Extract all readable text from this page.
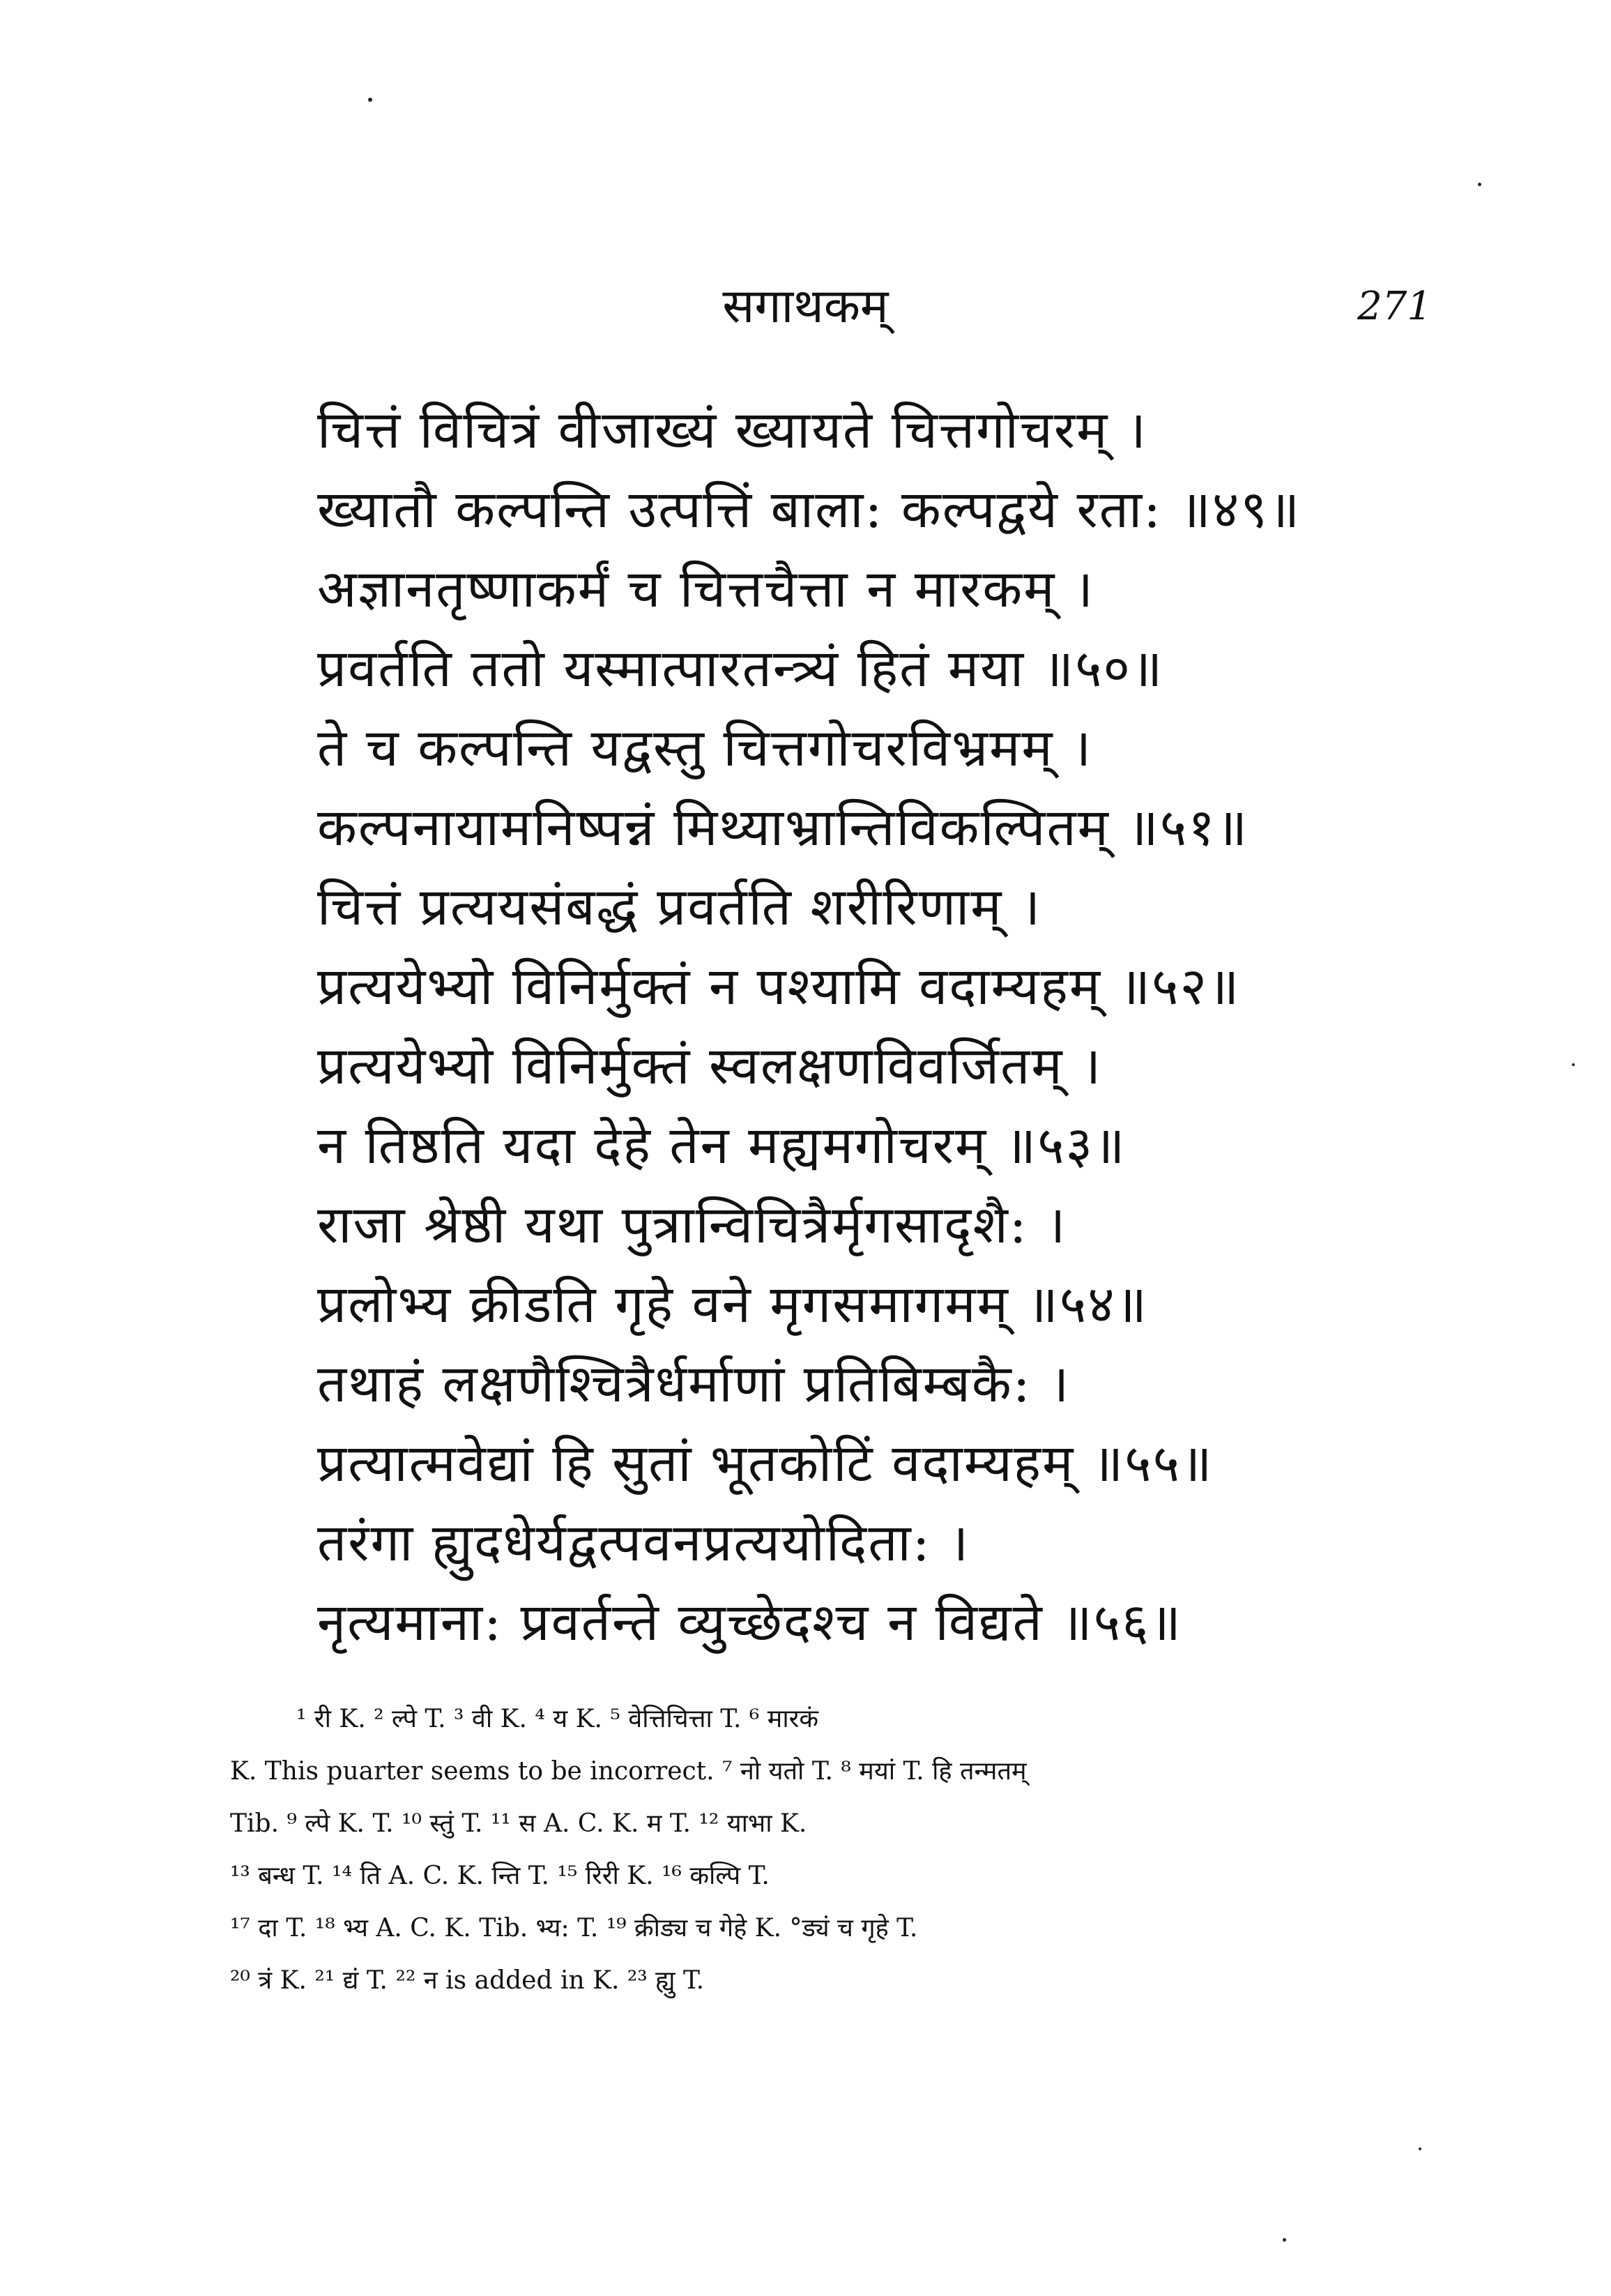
सगाथकम्	271
चित्तं विचित्रं वीजाख्यं ख्यायते चित्तगोचरम् ।
ख्यातौ कल्पन्ति उत्पत्तिं बाला: कल्पद्वये रता: ॥४९॥
अज्ञानतृष्णाकर्मं च चित्तचैत्ता न मारकम् ।
प्रवर्तति ततो यस्मात्पारतन्त्र्यं हितं मया ॥५०॥
ते च कल्पन्ति यद्वस्तु चित्तगोचरविभ्रमम् ।
कल्पनायामनिष्पन्नं मिथ्याभ्रान्तिविकल्पितम् ॥५१॥
चित्तं प्रत्ययसंबद्धं प्रवर्तति शरीरिणाम् ।
प्रत्ययेभ्यो विनिर्मुक्तं न पश्यामि वदाम्यहम् ॥५२॥
प्रत्ययेभ्यो विनिर्मुक्तं स्वलक्षणविवर्जितम् ।
न तिष्ठति यदा देहे तेन मह्यमगोचरम् ॥५३॥
राजा श्रेष्ठी यथा पुत्रान्विचित्रैर्मृगसादृशै: ।
प्रलोभ्य क्रीडति गृहे वने मृगसमागमम् ॥५४॥
तथाहं लक्षणैश्चित्रैर्धर्माणां प्रतिबिम्बकै: ।
प्रत्यात्मवेद्यां हि सुतां भूतकोटिं वदाम्यहम् ॥५५॥
तरंगा ह्युदधेर्यद्वत्पवनप्रत्ययोदिता: ।
नृत्यमाना: प्रवर्तन्ते व्युच्छेदश्च न विद्यते ॥५६॥
¹ री K. ² ल्पे T. ³ वी K. ⁴ य K. ⁵ वेत्तिचित्ता T. ⁶ मारकं
K. This puarter seems to be incorrect. ⁷ नो यतो T. ⁸ मयां T. हि तन्मतम्
Tib. ⁹ ल्पे K. T. ¹⁰ स्तुं T. ¹¹ स A. C. K. म T. ¹² याभा K.
¹³ बन्ध T. ¹⁴ ति A. C. K. न्ति T. ¹⁵ रिरी K. ¹⁶ कल्पि T.
¹⁷ दा T. ¹⁸ भ्य A. C. K. Tib. भ्य: T. ¹⁹ क्रीड्य च गेहे K. °ड्यं च गृहे T.
²⁰ त्रं K. ²¹ द्यं T. ²² न is added in K. ²³ ह्यु T.
